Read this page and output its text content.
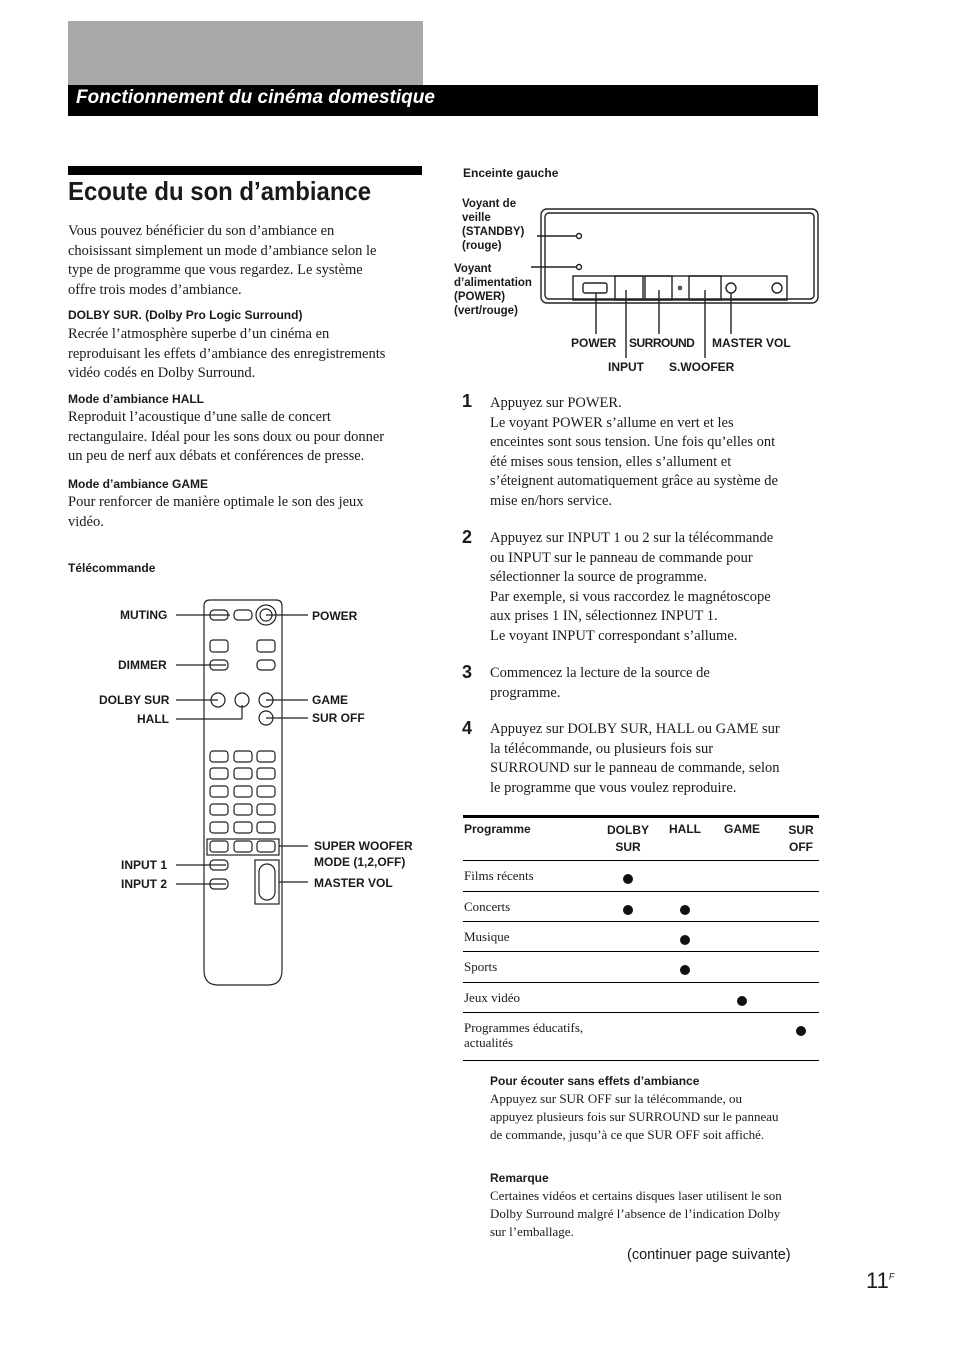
Fonctionnement du cinéma domestique
Ecoute du son d’ambiance
Vous pouvez bénéficier du son d’ambiance en
choisissant simplement un mode d’ambiance selon le
type de programme que vous regardez. Le système
offre trois modes d’ambiance.
DOLBY SUR. (Dolby Pro Logic Surround)
Recrée l’atmosphère superbe d’un cinéma en
reproduisant les effets d’ambiance des enregistrements
vidéo codés en Dolby Surround.
Mode d’ambiance HALL
Reproduit l’acoustique d’une salle de concert
rectangulaire. Idéal pour les sons doux ou pour donner
un peu de nerf aux débats et conférences de presse.
Mode d’ambiance GAME
Pour renforcer de manière optimale le son des jeux
vidéo.
Télécommande
MUTING
DIMMER
DOLBY SUR
HALL
INPUT 1
INPUT 2
POWER
GAME
SUR OFF
SUPER WOOFER
MODE (1,2,OFF)
MASTER VOL
Enceinte gauche
Voyant de
veille
(STANDBY)
(rouge)
Voyant
d’alimentation
(POWER)
(vert/rouge)
POWER SURROUND MASTER VOL
INPUT S.WOOFER
1 Appuyez sur POWER.
Le voyant POWER s’allume en vert et les
enceintes sont sous tension. Une fois qu’elles ont
été mises sous tension, elles s’allument et
s’éteignent automatiquement grâce au système de
mise en/hors service.
2 Appuyez sur INPUT 1 ou 2 sur la télécommande
ou INPUT sur le panneau de commande pour
sélectionner la source de programme.
Par exemple, si vous raccordez le magnétoscope
aux prises 1 IN, sélectionnez INPUT 1.
Le voyant INPUT correspondant s’allume.
3 Commencez la lecture de la source de
programme.
4 Appuyez sur DOLBY SUR, HALL ou GAME sur
la télécommande, ou plusieurs fois sur
SURROUND sur le panneau de commande, selon
le programme que vous voulez reproduire.
Programme	DOLBY SUR
HALL GAME SUR OFF
Films récents
Concerts
Musique
Sports
Jeux vidéo
Programmes éducatifs, actualités
Pour écouter sans effets d’ambiance
Appuyez sur SUR OFF sur la télécommande, ou
appuyez plusieurs fois sur SURROUND sur le panneau
de commande, jusqu’à ce que SUR OFF soit affiché.
Remarque
Certaines vidéos et certains disques laser utilisent le son
Dolby Surround malgré l’absence de l’indication Dolby
sur l’emballage.
(continuer page suivante)
$11^F$
